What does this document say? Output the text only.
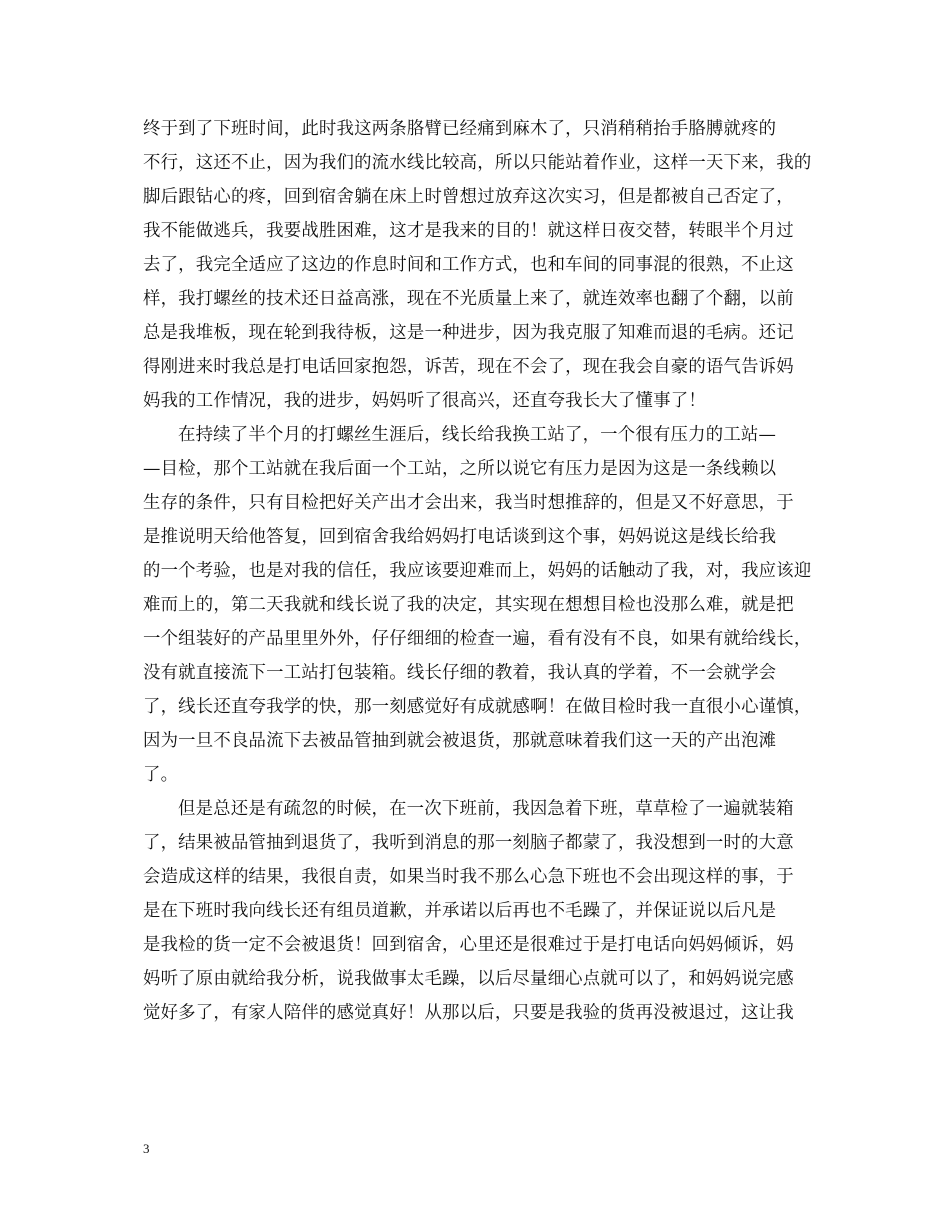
终于到了下班时间，此时我这两条胳臂已经痛到麻木了，只消稍稍抬手胳膊就疼的
不行，这还不止，因为我们的流水线比较高，所以只能站着作业，这样一天下来，我的
脚后跟钻心的疼，回到宿舍躺在床上时曾想过放弃这次实习，但是都被自己否定了，
我不能做逃兵，我要战胜困难，这才是我来的目的！就这样日夜交替，转眼半个月过
去了，我完全适应了这边的作息时间和工作方式，也和车间的同事混的很熟，不止这
样，我打螺丝的技术还日益高涨，现在不光质量上来了，就连效率也翻了个翻，以前
总是我堆板，现在轮到我待板，这是一种进步，因为我克服了知难而退的毛病。还记
得刚进来时我总是打电话回家抱怨，诉苦，现在不会了，现在我会自豪的语气告诉妈
妈我的工作情况，我的进步，妈妈听了很高兴，还直夸我长大了懂事了！

在持续了半个月的打螺丝生涯后，线长给我换工站了，一个很有压力的工站—
—目检，那个工站就在我后面一个工站，之所以说它有压力是因为这是一条线赖以
生存的条件，只有目检把好关产出才会出来，我当时想推辞的，但是又不好意思，于
是推说明天给他答复，回到宿舍我给妈妈打电话谈到这个事，妈妈说这是线长给我
的一个考验，也是对我的信任，我应该要迎难而上，妈妈的话触动了我，对，我应该迎
难而上的，第二天我就和线长说了我的决定，其实现在想想目检也没那么难，就是把
一个组装好的产品里里外外，仔仔细细的检查一遍，看有没有不良，如果有就给线长，
没有就直接流下一工站打包装箱。线长仔细的教着，我认真的学着，不一会就学会
了，线长还直夸我学的快，那一刻感觉好有成就感啊！在做目检时我一直很小心谨慎，
因为一旦不良品流下去被品管抽到就会被退货，那就意味着我们这一天的产出泡滩
了。

但是总还是有疏忽的时候，在一次下班前，我因急着下班，草草检了一遍就装箱
了，结果被品管抽到退货了，我听到消息的那一刻脑子都蒙了，我没想到一时的大意
会造成这样的结果，我很自责，如果当时我不那么心急下班也不会出现这样的事，于
是在下班时我向线长还有组员道歉，并承诺以后再也不毛躁了，并保证说以后凡是
是我检的货一定不会被退货！回到宿舍，心里还是很难过于是打电话向妈妈倾诉，妈
妈听了原由就给我分析，说我做事太毛躁，以后尽量细心点就可以了，和妈妈说完感
觉好多了，有家人陪伴的感觉真好！从那以后，只要是我验的货再没被退过，这让我

3
